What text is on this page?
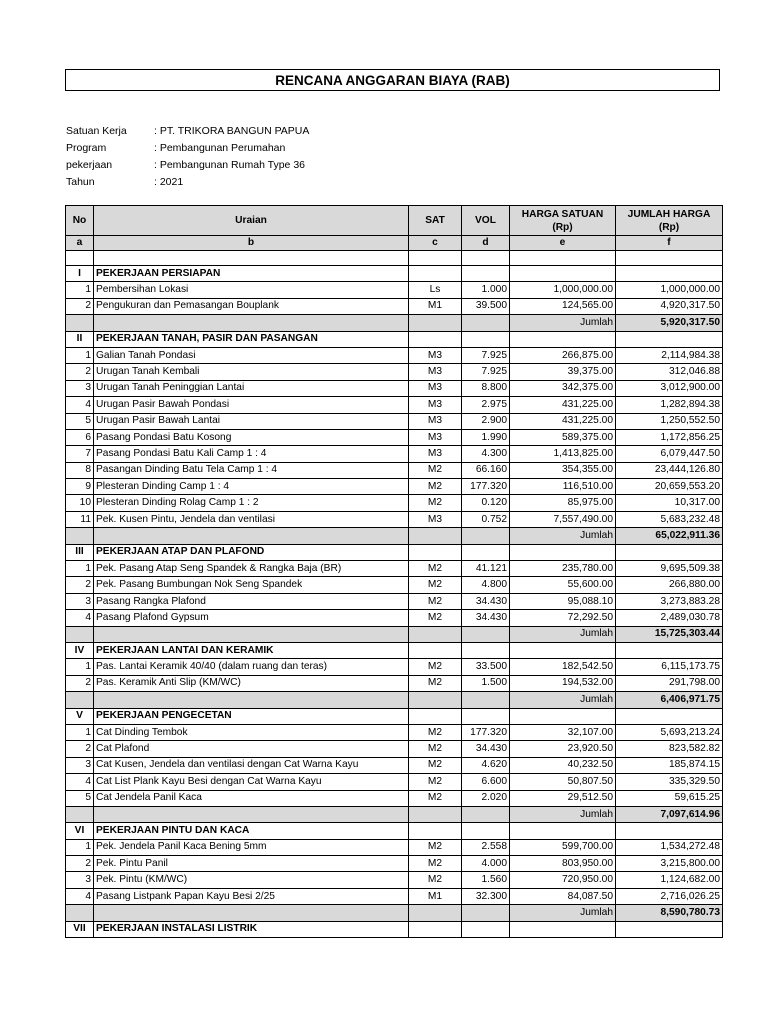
RENCANA ANGGARAN BIAYA (RAB)
Satuan Kerja	: PT. TRIKORA BANGUN PAPUA
Program	: Pembangunan Perumahan
pekerjaan	: Pembangunan Rumah Type 36
Tahun	: 2021
No	Uraian	SAT	VOL	HARGA SATUAN (Rp)	JUMLAH HARGA (Rp)
a	b	c	d	e	f

I	PEKERJAAN PERSIAPAN				
1	Pembersihan Lokasi	Ls	1.000	1,000,000.00	1,000,000.00
2	Pengukuran dan Pemasangan Bouplank	M1	39.500	124,565.00	4,920,317.50
				Jumlah	5,920,317.50
II	PEKERJAAN TANAH, PASIR DAN PASANGAN				
1	Galian Tanah Pondasi	M3	7.925	266,875.00	2,114,984.38
2	Urugan Tanah Kembali	M3	7.925	39,375.00	312,046.88
3	Urugan Tanah Peninggian Lantai	M3	8.800	342,375.00	3,012,900.00
4	Urugan Pasir Bawah Pondasi	M3	2.975	431,225.00	1,282,894.38
5	Urugan Pasir Bawah Lantai	M3	2.900	431,225.00	1,250,552.50
6	Pasang Pondasi Batu Kosong	M3	1.990	589,375.00	1,172,856.25
7	Pasang Pondasi Batu Kali Camp 1 : 4	M3	4.300	1,413,825.00	6,079,447.50
8	Pasangan Dinding Batu Tela Camp 1 : 4	M2	66.160	354,355.00	23,444,126.80
9	Plesteran Dinding Camp 1 : 4	M2	177.320	116,510.00	20,659,553.20
10	Plesteran Dinding Rolag Camp 1 : 2	M2	0.120	85,975.00	10,317.00
11	Pek. Kusen Pintu, Jendela dan ventilasi	M3	0.752	7,557,490.00	5,683,232.48
				Jumlah	65,022,911.36
III	PEKERJAAN ATAP DAN PLAFOND				
1	Pek. Pasang Atap Seng Spandek & Rangka Baja (BR)	M2	41.121	235,780.00	9,695,509.38
2	Pek. Pasang Bumbungan Nok Seng Spandek	M2	4.800	55,600.00	266,880.00
3	Pasang Rangka Plafond	M2	34.430	95,088.10	3,273,883.28
4	Pasang Plafond Gypsum	M2	34.430	72,292.50	2,489,030.78
				Jumlah	15,725,303.44
IV	PEKERJAAN LANTAI DAN KERAMIK				
1	Pas. Lantai Keramik 40/40 (dalam ruang dan teras)	M2	33.500	182,542.50	6,115,173.75
2	Pas. Keramik Anti Slip (KM/WC)	M2	1.500	194,532.00	291,798.00
				Jumlah	6,406,971.75
V	PEKERJAAN PENGECETAN				
1	Cat Dinding Tembok	M2	177.320	32,107.00	5,693,213.24
2	Cat Plafond	M2	34.430	23,920.50	823,582.82
3	Cat Kusen, Jendela dan ventilasi dengan Cat Warna Kayu	M2	4.620	40,232.50	185,874.15
4	Cat List Plank Kayu Besi dengan Cat Warna Kayu	M2	6.600	50,807.50	335,329.50
5	Cat Jendela Panil Kaca	M2	2.020	29,512.50	59,615.25
				Jumlah	7,097,614.96
VI	PEKERJAAN PINTU DAN KACA				
1	Pek. Jendela Panil Kaca Bening 5mm	M2	2.558	599,700.00	1,534,272.48
2	Pek. Pintu Panil	M2	4.000	803,950.00	3,215,800.00
3	Pek. Pintu (KM/WC)	M2	1.560	720,950.00	1,124,682.00
4	Pasang Listpank Papan Kayu Besi 2/25	M1	32.300	84,087.50	2,716,026.25
				Jumlah	8,590,780.73
VII	PEKERJAAN INSTALASI LISTRIK				
